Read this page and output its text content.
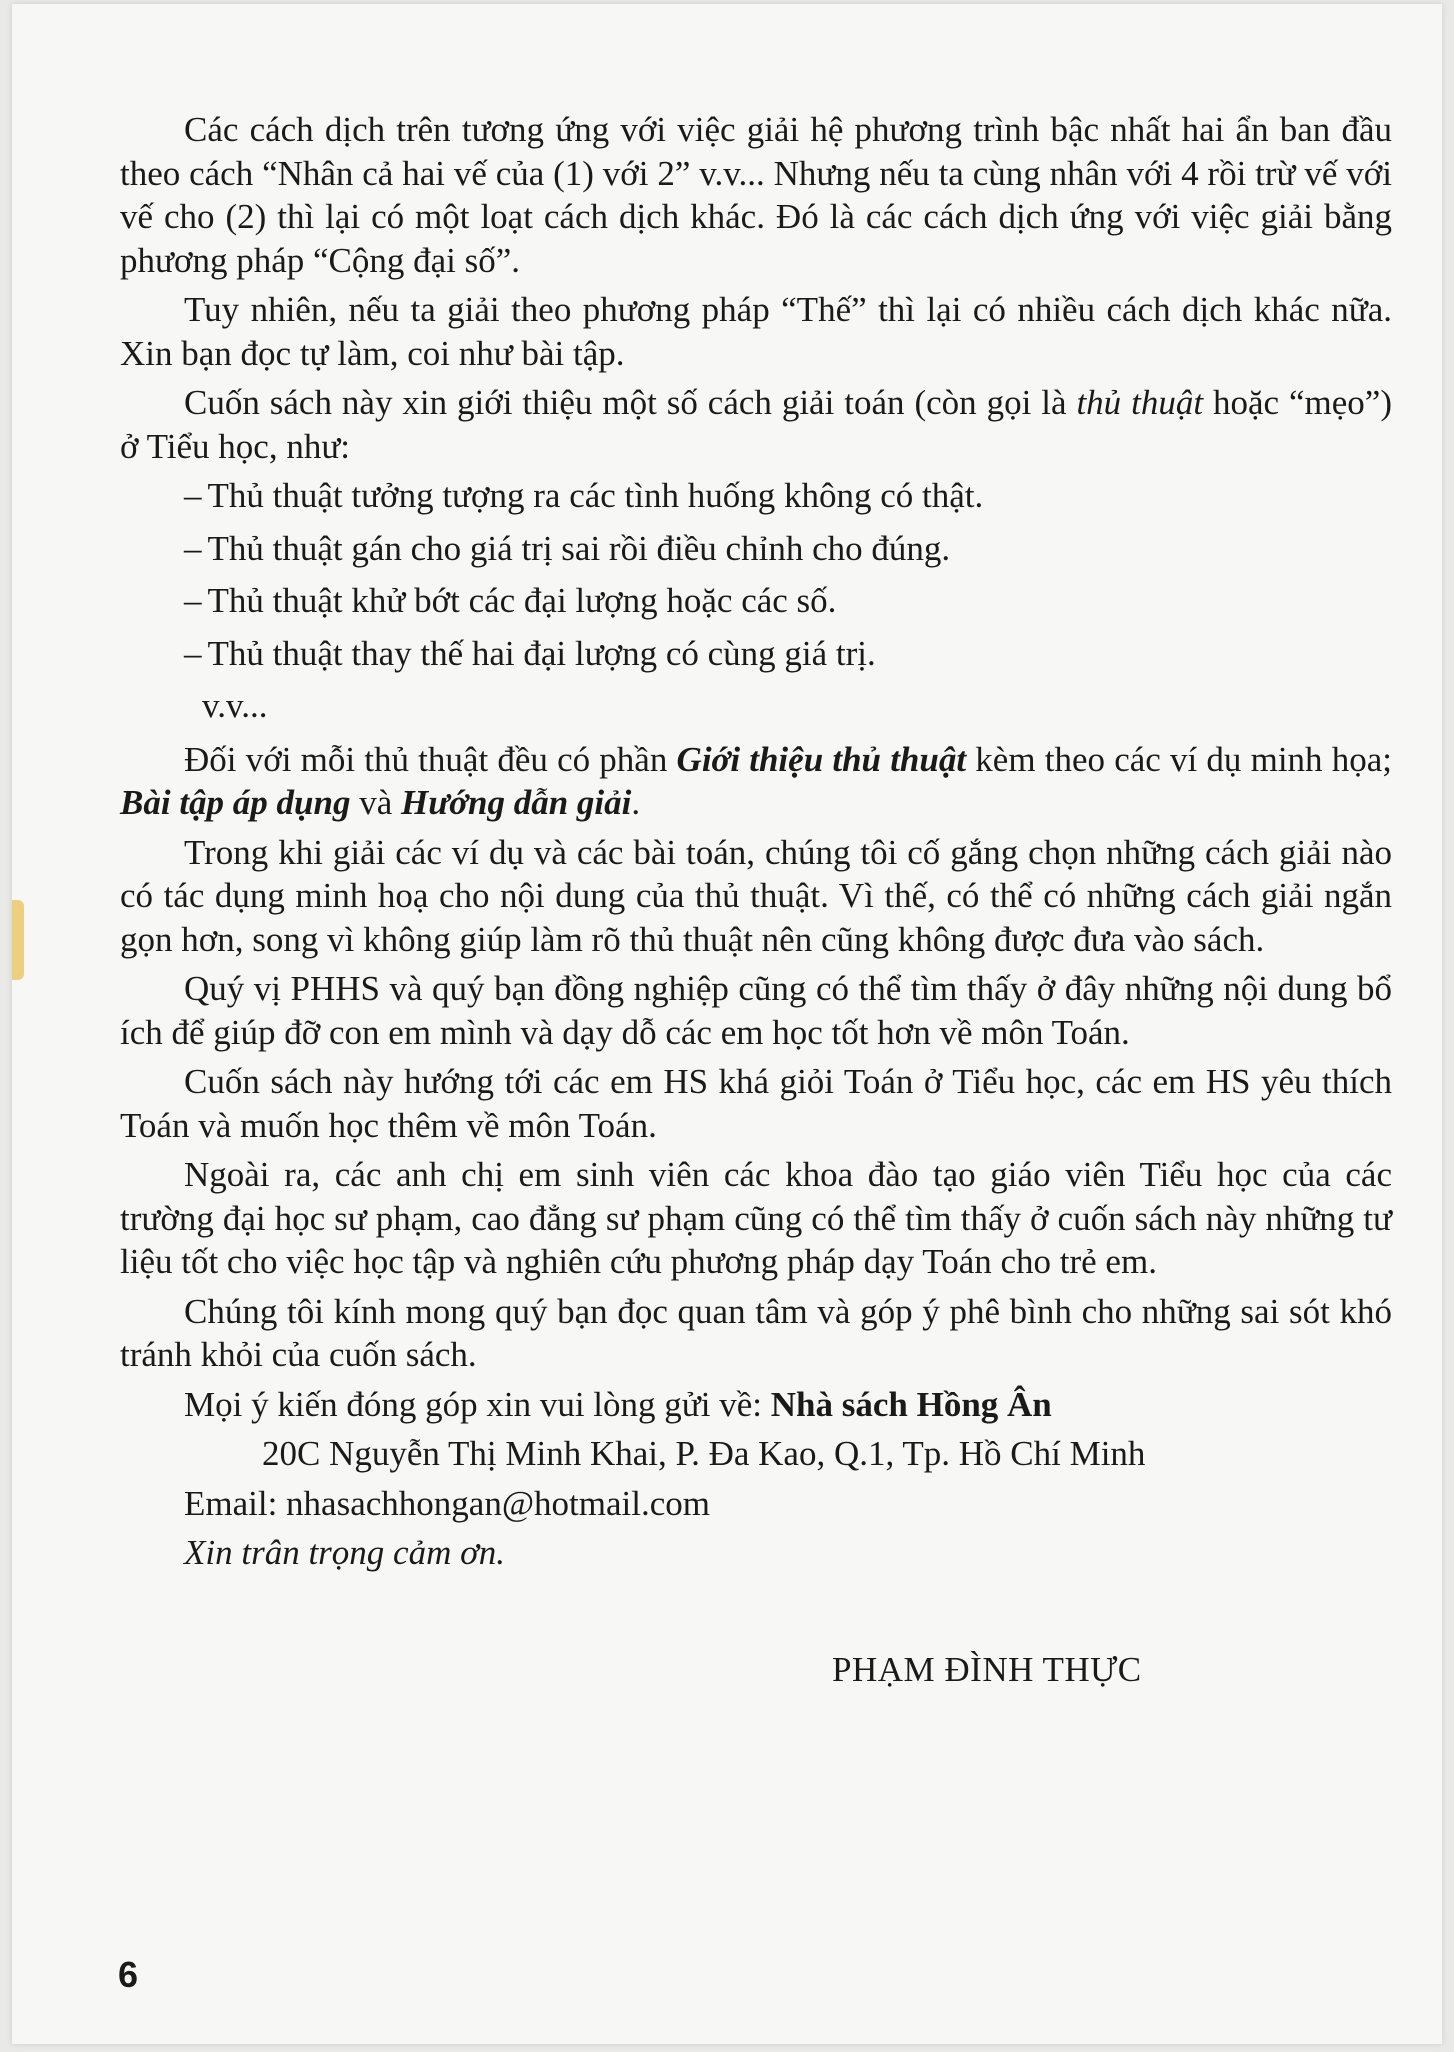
Các cách dịch trên tương ứng với việc giải hệ phương trình bậc nhất hai ẩn ban đầu theo cách “Nhân cả hai vế của (1) với 2” v.v... Nhưng nếu ta cùng nhân với 4 rồi trừ vế với vế cho (2) thì lại có một loạt cách dịch khác. Đó là các cách dịch ứng với việc giải bằng phương pháp “Cộng đại số”.

Tuy nhiên, nếu ta giải theo phương pháp “Thế” thì lại có nhiều cách dịch khác nữa. Xin bạn đọc tự làm, coi như bài tập.

Cuốn sách này xin giới thiệu một số cách giải toán (còn gọi là thủ thuật hoặc “mẹo”) ở Tiểu học, như:

– Thủ thuật tưởng tượng ra các tình huống không có thật.

– Thủ thuật gán cho giá trị sai rồi điều chỉnh cho đúng.

– Thủ thuật khử bớt các đại lượng hoặc các số.

– Thủ thuật thay thế hai đại lượng có cùng giá trị.

v.v...

Đối với mỗi thủ thuật đều có phần Giới thiệu thủ thuật kèm theo các ví dụ minh họa; Bài tập áp dụng và Hướng dẫn giải.

Trong khi giải các ví dụ và các bài toán, chúng tôi cố gắng chọn những cách giải nào có tác dụng minh hoạ cho nội dung của thủ thuật. Vì thế, có thể có những cách giải ngắn gọn hơn, song vì không giúp làm rõ thủ thuật nên cũng không được đưa vào sách.

Quý vị PHHS và quý bạn đồng nghiệp cũng có thể tìm thấy ở đây những nội dung bổ ích để giúp đỡ con em mình và dạy dỗ các em học tốt hơn về môn Toán.

Cuốn sách này hướng tới các em HS khá giỏi Toán ở Tiểu học, các em HS yêu thích Toán và muốn học thêm về môn Toán.

Ngoài ra, các anh chị em sinh viên các khoa đào tạo giáo viên Tiểu học của các trường đại học sư phạm, cao đẳng sư phạm cũng có thể tìm thấy ở cuốn sách này những tư liệu tốt cho việc học tập và nghiên cứu phương pháp dạy Toán cho trẻ em.

Chúng tôi kính mong quý bạn đọc quan tâm và góp ý phê bình cho những sai sót khó tránh khỏi của cuốn sách.

Mọi ý kiến đóng góp xin vui lòng gửi về: Nhà sách Hồng Ân

20C Nguyễn Thị Minh Khai, P. Đa Kao, Q.1, Tp. Hồ Chí Minh

Email: nhasachhongan@hotmail.com

Xin trân trọng cảm ơn.

PHẠM ĐÌNH THỰC
6
